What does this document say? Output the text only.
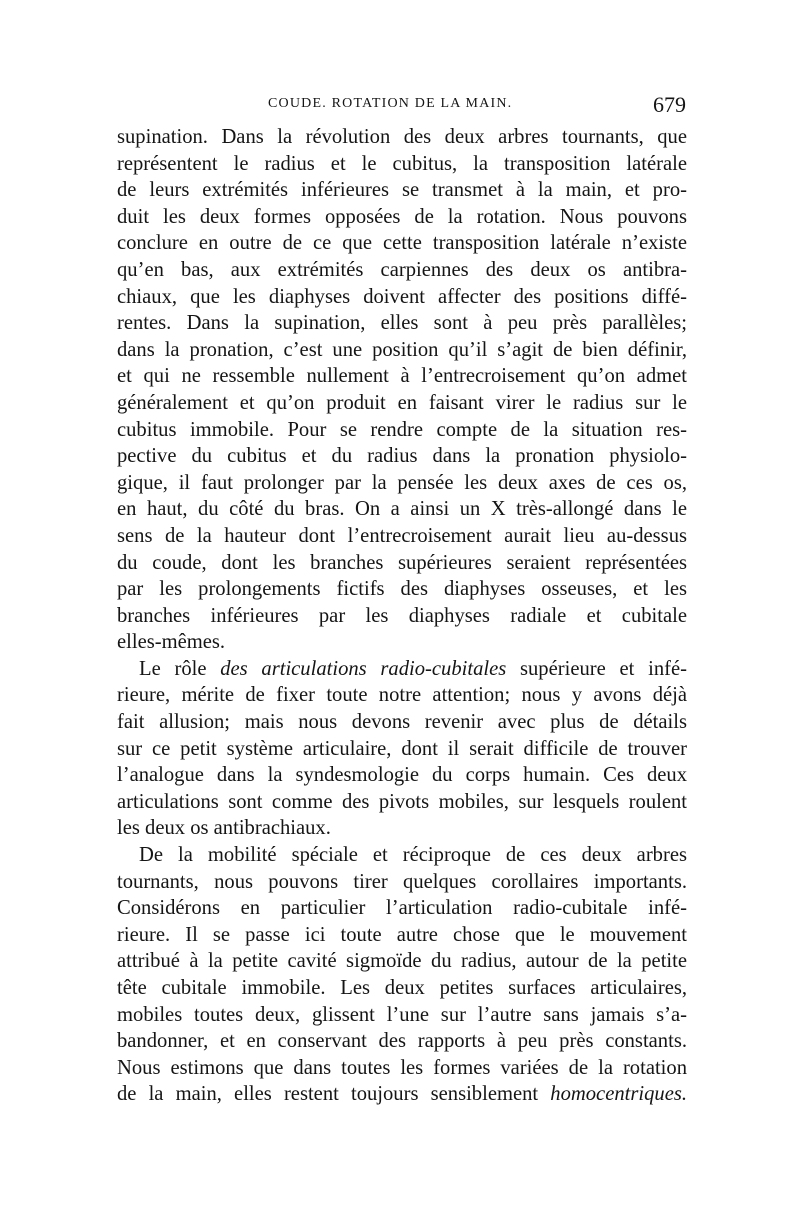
COUDE. ROTATION DE LA MAIN.	679
supination. Dans la révolution des deux arbres tournants, que
représentent le radius et le cubitus, la transposition latérale
de leurs extrémités inférieures se transmet à la main, et pro-
duit les deux formes opposées de la rotation. Nous pouvons
conclure en outre de ce que cette transposition latérale n’existe
qu’en bas, aux extrémités carpiennes des deux os antibra-
chiaux, que les diaphyses doivent affecter des positions diffé-
rentes. Dans la supination, elles sont à peu près parallèles;
dans la pronation, c’est une position qu’il s’agit de bien définir,
et qui ne ressemble nullement à l’entrecroisement qu’on admet
généralement et qu’on produit en faisant virer le radius sur le
cubitus immobile. Pour se rendre compte de la situation res-
pective du cubitus et du radius dans la pronation physiolo-
gique, il faut prolonger par la pensée les deux axes de ces os,
en haut, du côté du bras. On a ainsi un X très-allongé dans le
sens de la hauteur dont l’entrecroisement aurait lieu au-dessus
du coude, dont les branches supérieures seraient représentées
par les prolongements fictifs des diaphyses osseuses, et les
branches inférieures par les diaphyses radiale et cubitale
elles-mêmes.
Le rôle des articulations radio-cubitales supérieure et infé-
rieure, mérite de fixer toute notre attention; nous y avons déjà
fait allusion; mais nous devons revenir avec plus de détails
sur ce petit système articulaire, dont il serait difficile de trouver
l’analogue dans la syndesmologie du corps humain. Ces deux
articulations sont comme des pivots mobiles, sur lesquels roulent
les deux os antibrachiaux.
De la mobilité spéciale et réciproque de ces deux arbres
tournants, nous pouvons tirer quelques corollaires importants.
Considérons en particulier l’articulation radio-cubitale infé-
rieure. Il se passe ici toute autre chose que le mouvement
attribué à la petite cavité sigmoïde du radius, autour de la petite
tête cubitale immobile. Les deux petites surfaces articulaires,
mobiles toutes deux, glissent l’une sur l’autre sans jamais s’a-
bandonner, et en conservant des rapports à peu près constants.
Nous estimons que dans toutes les formes variées de la rotation
de la main, elles restent toujours sensiblement homocentriques.
